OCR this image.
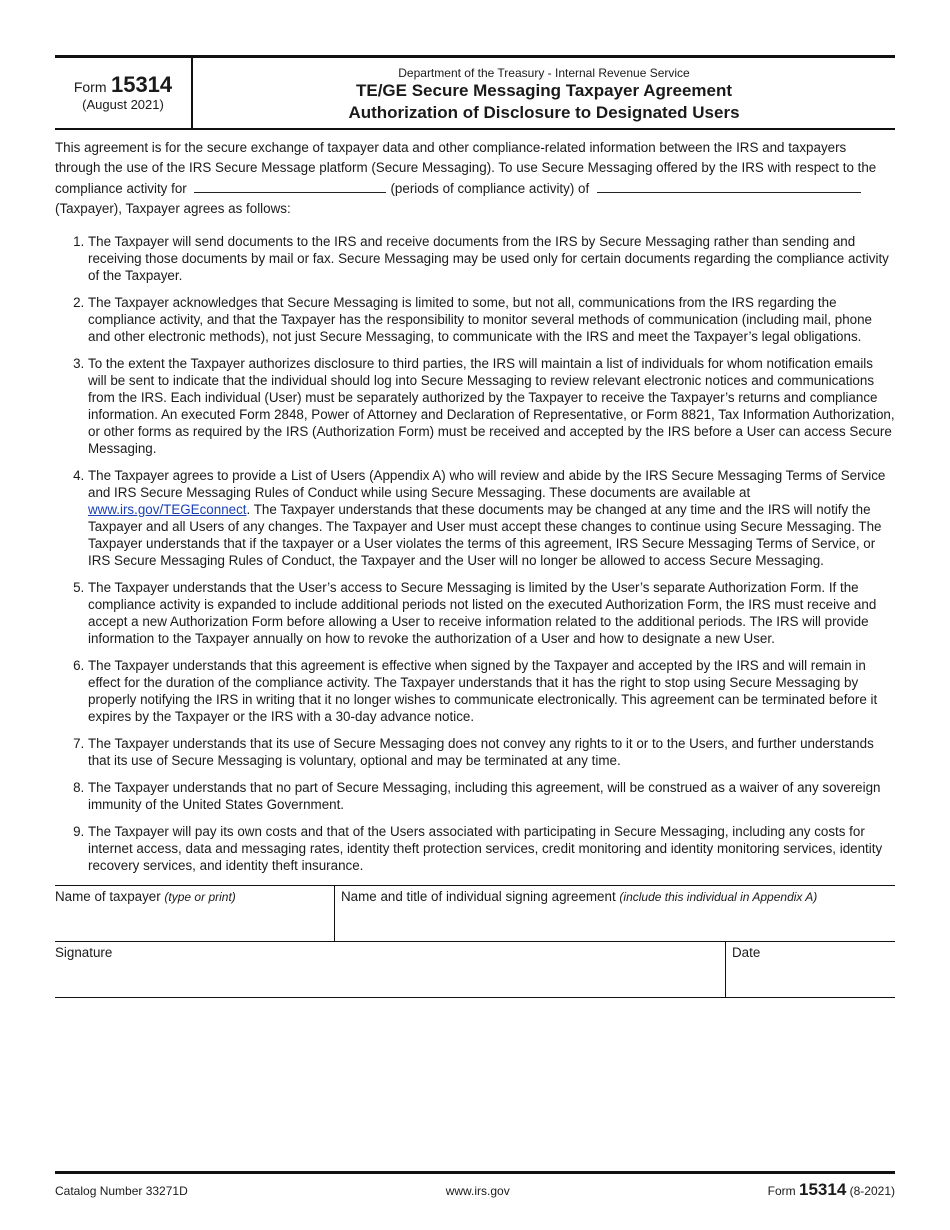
Form 15314
(August 2021)
Department of the Treasury - Internal Revenue Service
TE/GE Secure Messaging Taxpayer Agreement
Authorization of Disclosure to Designated Users
This agreement is for the secure exchange of taxpayer data and other compliance-related information between the IRS and taxpayers through the use of the IRS Secure Message platform (Secure Messaging). To use Secure Messaging offered by the IRS with respect to the compliance activity for	(periods of compliance activity) of
(Taxpayer), Taxpayer agrees as follows:
1. The Taxpayer will send documents to the IRS and receive documents from the IRS by Secure Messaging rather than sending and receiving those documents by mail or fax. Secure Messaging may be used only for certain documents regarding the compliance activity of the Taxpayer.
2. The Taxpayer acknowledges that Secure Messaging is limited to some, but not all, communications from the IRS regarding the compliance activity, and that the Taxpayer has the responsibility to monitor several methods of communication (including mail, phone and other electronic methods), not just Secure Messaging, to communicate with the IRS and meet the Taxpayer’s legal obligations.
3. To the extent the Taxpayer authorizes disclosure to third parties, the IRS will maintain a list of individuals for whom notification emails will be sent to indicate that the individual should log into Secure Messaging to review relevant electronic notices and communications from the IRS. Each individual (User) must be separately authorized by the Taxpayer to receive the Taxpayer’s returns and compliance information. An executed Form 2848, Power of Attorney and Declaration of Representative, or Form 8821, Tax Information Authorization, or other forms as required by the IRS (Authorization Form) must be received and accepted by the IRS before a User can access Secure Messaging.
4. The Taxpayer agrees to provide a List of Users (Appendix A) who will review and abide by the IRS Secure Messaging Terms of Service and IRS Secure Messaging Rules of Conduct while using Secure Messaging. These documents are available at www.irs.gov/TEGEconnect. The Taxpayer understands that these documents may be changed at any time and the IRS will notify the Taxpayer and all Users of any changes. The Taxpayer and User must accept these changes to continue using Secure Messaging. The Taxpayer understands that if the taxpayer or a User violates the terms of this agreement, IRS Secure Messaging Terms of Service, or IRS Secure Messaging Rules of Conduct, the Taxpayer and the User will no longer be allowed to access Secure Messaging.
5. The Taxpayer understands that the User’s access to Secure Messaging is limited by the User’s separate Authorization Form. If the compliance activity is expanded to include additional periods not listed on the executed Authorization Form, the IRS must receive and accept a new Authorization Form before allowing a User to receive information related to the additional periods. The IRS will provide information to the Taxpayer annually on how to revoke the authorization of a User and how to designate a new User.
6. The Taxpayer understands that this agreement is effective when signed by the Taxpayer and accepted by the IRS and will remain in effect for the duration of the compliance activity. The Taxpayer understands that it has the right to stop using Secure Messaging by properly notifying the IRS in writing that it no longer wishes to communicate electronically. This agreement can be terminated before it expires by the Taxpayer or the IRS with a 30-day advance notice.
7. The Taxpayer understands that its use of Secure Messaging does not convey any rights to it or to the Users, and further understands that its use of Secure Messaging is voluntary, optional and may be terminated at any time.
8. The Taxpayer understands that no part of Secure Messaging, including this agreement, will be construed as a waiver of any sovereign immunity of the United States Government.
9. The Taxpayer will pay its own costs and that of the Users associated with participating in Secure Messaging, including any costs for internet access, data and messaging rates, identity theft protection services, credit monitoring and identity monitoring services, identity recovery services, and identity theft insurance.
Name of taxpayer (type or print)	Name and title of individual signing agreement (include this individual in Appendix A)
Signature	Date
Catalog Number 33271D	www.irs.gov	Form 15314 (8-2021)
